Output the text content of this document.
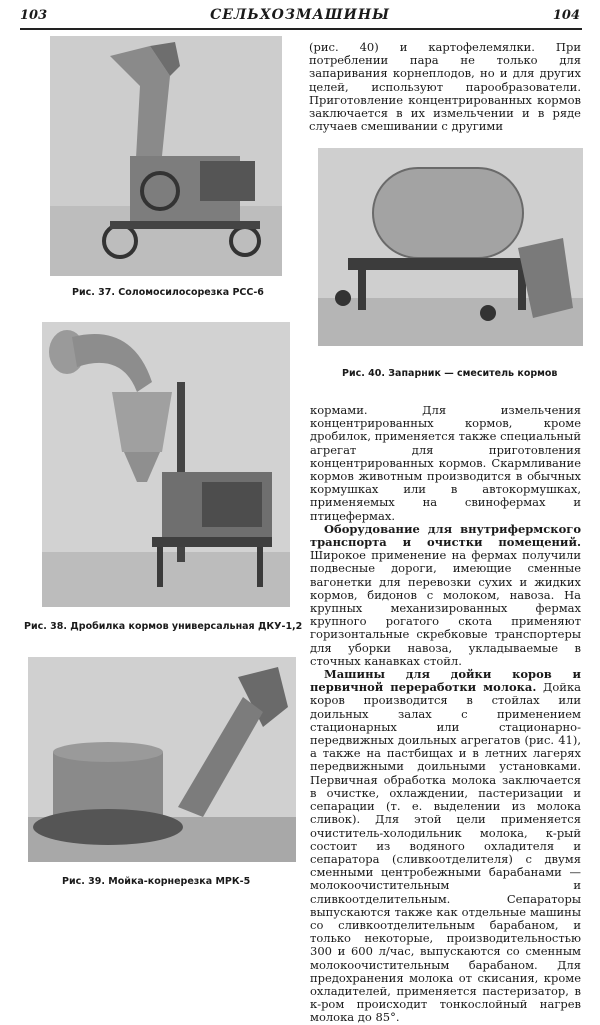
103	СЕЛЬХОЗМАШИНЫ	104
Рис. 37. Соломосилосорезка РСС-6
Рис. 38. Дробилка кормов универсальная ДКУ-1,2
Рис. 39. Мойка-корнерезка МРК-5

(рис. 40) и картофелемялки. При потреблении пара не только для запаривания корнеплодов, но и для других целей, используют парообразователи. Приготовление концентрированных кормов заключается в их измельчении и в ряде случаев смешивании с другими

Рис. 40. Запарник — смеситель кормов

кормами. Для измельчения концентрированных кормов, кроме дробилок, применяется также специальный агрегат для приготовления концентрированных кормов. Скармливание кормов животным производится в обычных кормушках или в автокормушках, применяемых на свинофермах и птицефермах.

Оборудование для внутрифермского транспорта и очистки помещений. Широкое применение на фермах получили подвесные дороги, имеющие сменные вагонетки для перевозки сухих и жидких кормов, бидонов с молоком, навоза. На крупных механизированных фермах крупного рогатого скота применяют горизонтальные скребковые транспортеры для уборки навоза, укладываемые в сточных канавках стойл.

Машины для дойки коров и первичной переработки молока. Дойка коров производится в стойлах или доильных залах с применением стационарных или стационарно-передвижных доильных агрегатов (рис. 41), а также на пастбищах и в летних лагерях передвижными доильными установками. Первичная обработка молока заключается в очистке, охлаждении, пастеризации и сепарации (т. е. выделении из молока сливок). Для этой цели применяется очиститель-холодильник молока, к-рый состоит из водяного охладителя и сепаратора (сливкоотделителя) с двумя сменными центробежными барабанами — молокоочистительным и сливкоотделительным. Сепараторы выпускаются также как отдельные машины со сливкоотделительным барабаном, и только некоторые, производительностью 300 и 600 л/час, выпускаются со сменным молокоочистительным барабаном. Для предохранения молока от скисания, кроме охладителей, применяется пастеризатор, в к-ром происходит тонкослойный нагрев молока до 85°.
